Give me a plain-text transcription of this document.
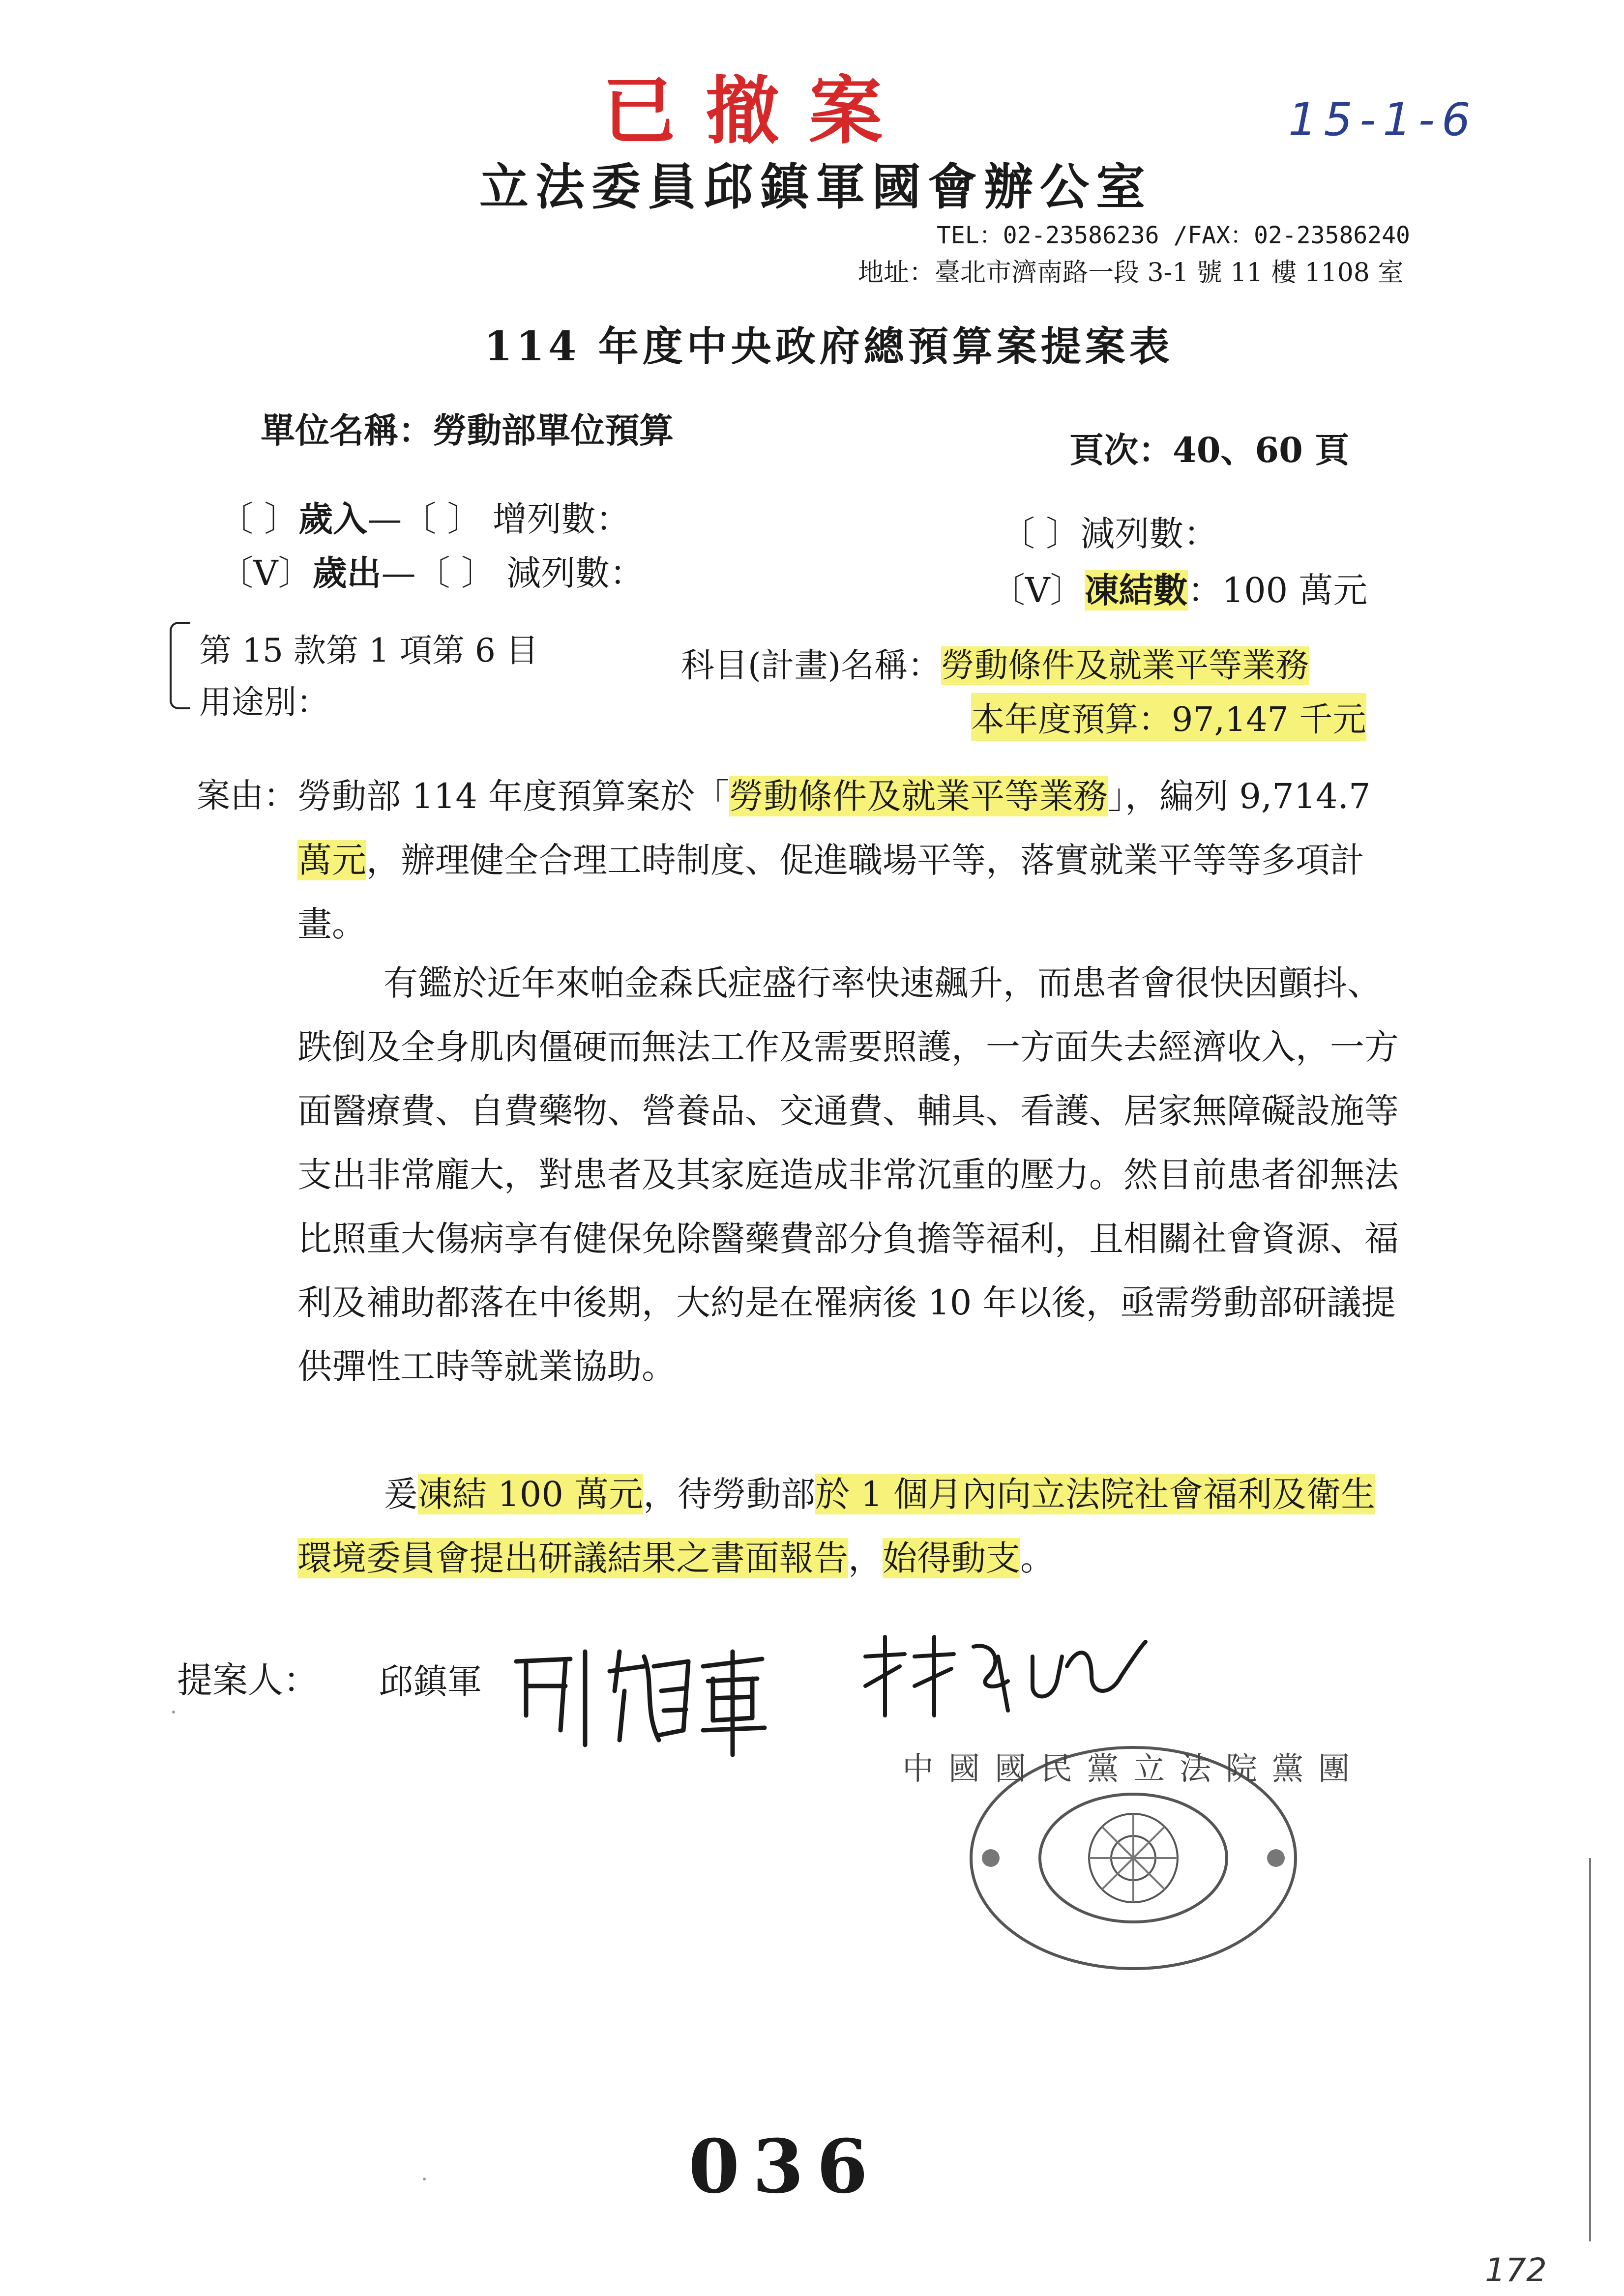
已撤案	15-1-6
立法委員邱鎮軍國會辦公室
TEL：02-23586236 /FAX：02-23586240
地址：臺北市濟南路一段 3-1 號 11 樓 1108 室
114 年度中央政府總預算案提案表
單位名稱：勞動部單位預算	頁次：40、60 頁
〔 〕歲入—〔 〕 增列數：	〔 〕減列數：
〔V〕歲出—〔 〕 減列數：	〔V〕凍結數：100 萬元
第 15 款第 1 項第 6 目
用途別：
科目(計畫)名稱：勞動條件及就業平等業務
本年度預算：97,147 千元
案由： 勞動部 114 年度預算案於「勞動條件及就業平等業務」，編列 9,714.7 萬元，辦理健全合理工時制度、促進職場平等，落實就業平等等多項計畫。
有鑑於近年來帕金森氏症盛行率快速飆升，而患者會很快因顫抖、跌倒及全身肌肉僵硬而無法工作及需要照護，一方面失去經濟收入，一方面醫療費、自費藥物、營養品、交通費、輔具、看護、居家無障礙設施等支出非常龐大，對患者及其家庭造成非常沉重的壓力。然目前患者卻無法比照重大傷病享有健保免除醫藥費部分負擔等福利，且相關社會資源、福利及補助都落在中後期，大約是在罹病後 10 年以後，亟需勞動部研議提供彈性工時等就業協助。
爰凍結 100 萬元，待勞動部於 1 個月內向立法院社會福利及衛生環境委員會提出研議結果之書面報告，始得動支。
提案人： 邱鎮軍
中國國民黨立法院黨團
036
172
